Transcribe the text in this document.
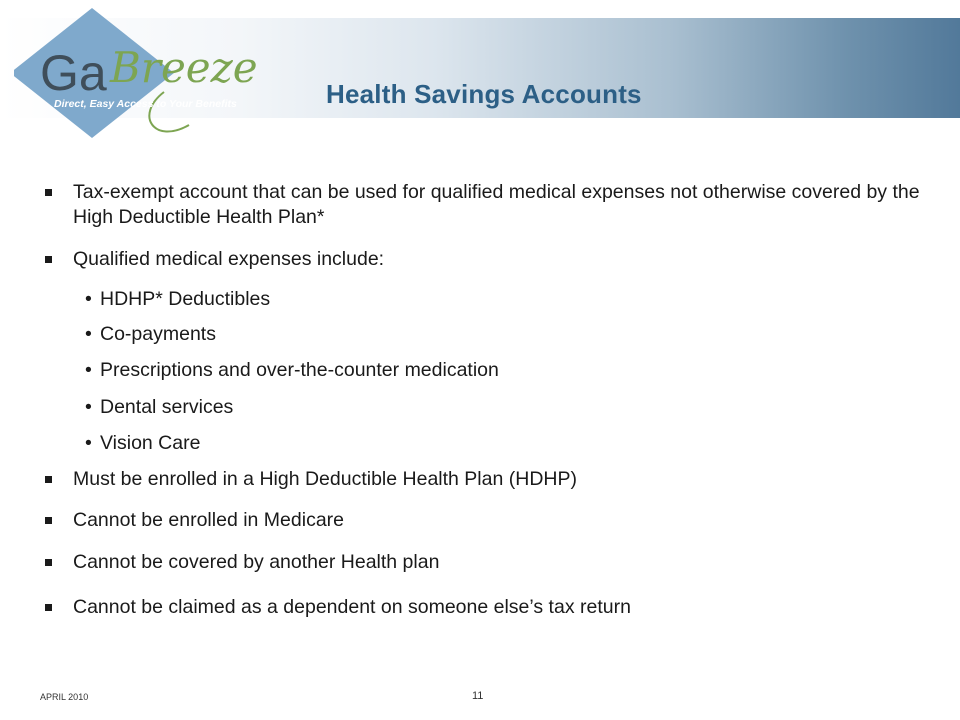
Ga Breeze
Direct, Easy Access to Your Benefits	Health Savings Accounts
Tax-exempt account that can be used for qualified medical expenses not otherwise covered by the High Deductible Health Plan*
Qualified medical expenses include:
• HDHP* Deductibles
• Co-payments
• Prescriptions and over-the-counter medication
• Dental services
• Vision Care
Must be enrolled in a High Deductible Health Plan (HDHP)
Cannot be enrolled in Medicare
Cannot be covered by another Health plan
Cannot be claimed as a dependent on someone else’s tax return
APRIL 2010	11
